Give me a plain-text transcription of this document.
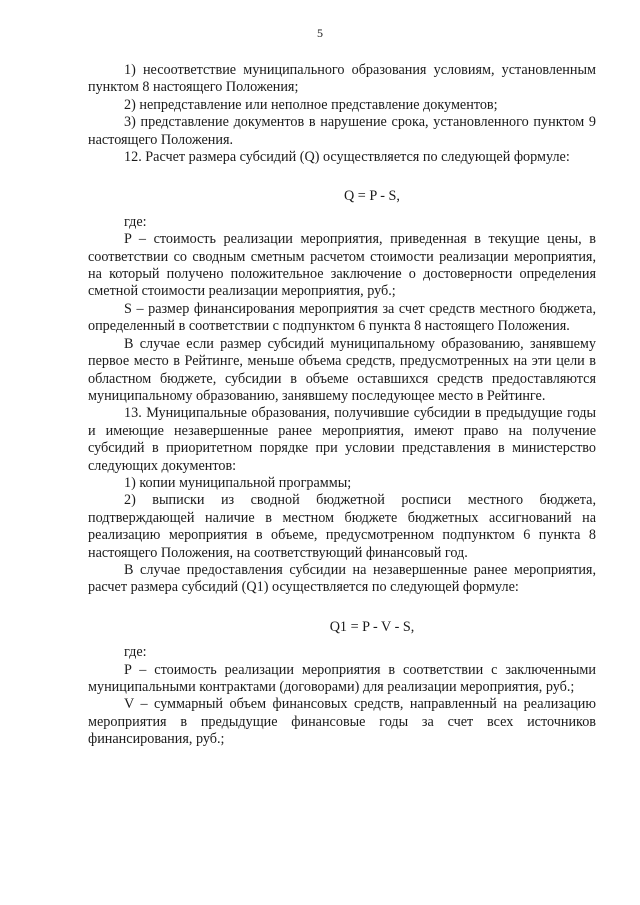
5

1) несоответствие муниципального образования условиям, установленным пунктом 8 настоящего Положения;

2) непредставление или неполное представление документов;

3) представление документов в нарушение срока, установленного пунктом 9 настоящего Положения.

12. Расчет размера субсидий (Q) осуществляется по следующей формуле:

Q = P - S,

где:

P – стоимость реализации мероприятия, приведенная в текущие цены, в соответствии со сводным сметным расчетом стоимости реализации мероприятия, на который получено положительное заключение о достоверности определения сметной стоимости реализации мероприятия, руб.;

S – размер финансирования мероприятия за счет средств местного бюджета, определенный в соответствии с подпунктом 6 пункта 8 настоящего Положения.

В случае если размер субсидий муниципальному образованию, занявшему первое место в Рейтинге, меньше объема средств, предусмотренных на эти цели в областном бюджете, субсидии в объеме оставшихся средств предоставляются муниципальному образованию, занявшему последующее место в Рейтинге.

13. Муниципальные образования, получившие субсидии в предыдущие годы и имеющие незавершенные ранее мероприятия, имеют право на получение субсидий в приоритетном порядке при условии представления в министерство следующих документов:

1) копии муниципальной программы;

2) выписки из сводной бюджетной росписи местного бюджета, подтверждающей наличие в местном бюджете бюджетных ассигнований на реализацию мероприятия в объеме, предусмотренном подпунктом 6 пункта 8 настоящего Положения, на соответствующий финансовый год.

В случае предоставления субсидии на незавершенные ранее мероприятия, расчет размера субсидий (Q1) осуществляется по следующей формуле:

Q1 = P - V - S,

где:

P – стоимость реализации мероприятия в соответствии с заключенными муниципальными контрактами (договорами) для реализации мероприятия, руб.;

V – суммарный объем финансовых средств, направленный на реализацию мероприятия в предыдущие финансовые годы за счет всех источников финансирования, руб.;
